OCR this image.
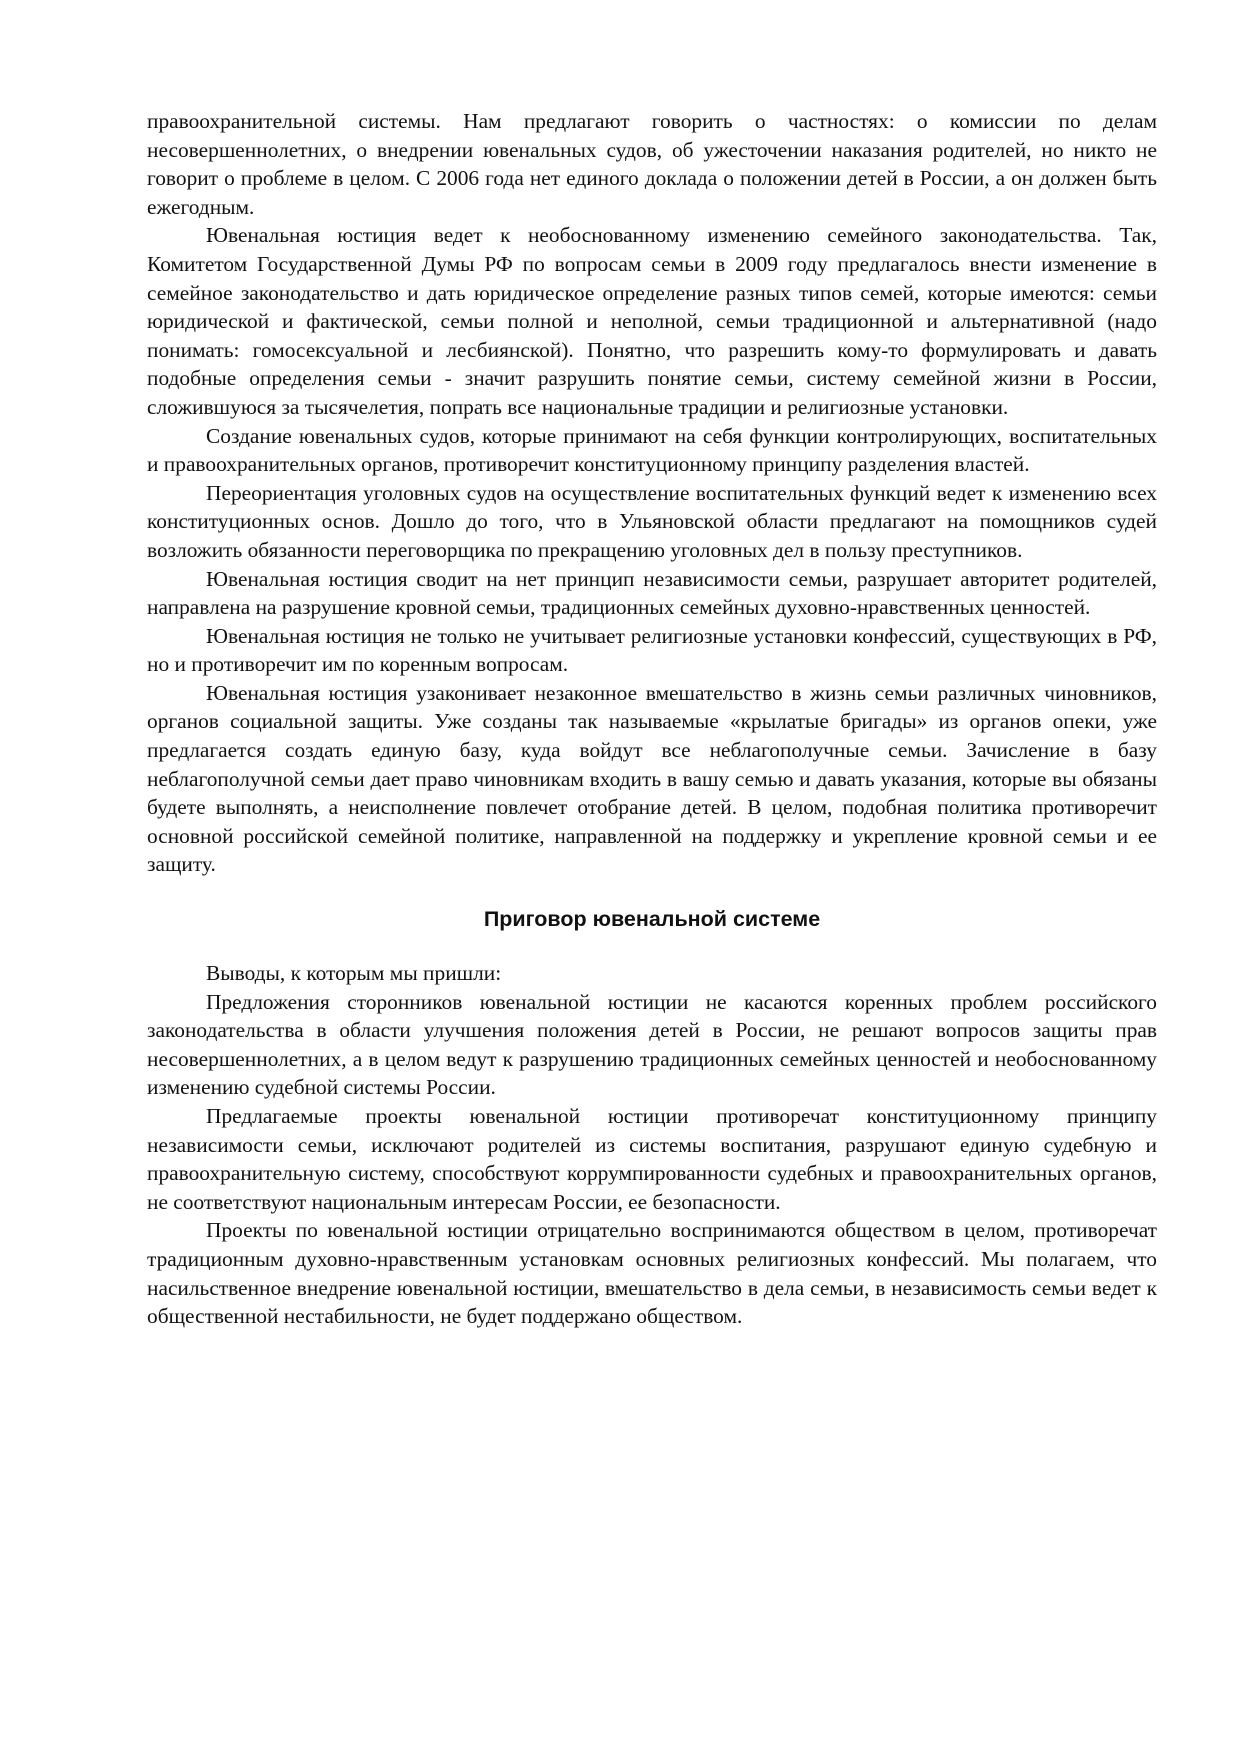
правоохранительной системы. Нам предлагают говорить о частностях: о комиссии по делам несовершеннолетних, о внедрении ювенальных судов, об ужесточении наказания родителей, но никто не говорит о проблеме в целом. С 2006 года нет единого доклада о положении детей в России, а он должен быть ежегодным.

Ювенальная юстиция ведет к необоснованному изменению семейного законодательства. Так, Комитетом Государственной Думы РФ по вопросам семьи в 2009 году предлагалось внести изменение в семейное законодательство и дать юридическое определение разных типов семей, которые имеются: семьи юридической и фактической, семьи полной и неполной, семьи традиционной и альтернативной (надо понимать: гомосексуальной и лесбиянской). Понятно, что разрешить кому-то формулировать и давать подобные определения семьи - значит разрушить понятие семьи, систему семейной жизни в России, сложившуюся за тысячелетия, попрать все национальные традиции и религиозные установки.

Создание ювенальных судов, которые принимают на себя функции контролирующих, воспитательных и правоохранительных органов, противоречит конституционному принципу разделения властей.

Переориентация уголовных судов на осуществление воспитательных функций ведет к изменению всех конституционных основ. Дошло до того, что в Ульяновской области предлагают на помощников судей возложить обязанности переговорщика по прекращению уголовных дел в пользу преступников.

Ювенальная юстиция сводит на нет принцип независимости семьи, разрушает авторитет родителей, направлена на разрушение кровной семьи, традиционных семейных духовно-нравственных ценностей.

Ювенальная юстиция не только не учитывает религиозные установки конфессий, существующих в РФ, но и противоречит им по коренным вопросам.

Ювенальная юстиция узаконивает незаконное вмешательство в жизнь семьи различных чиновников, органов социальной защиты. Уже созданы так называемые «крылатые бригады» из органов опеки, уже предлагается создать единую базу, куда войдут все неблагополучные семьи. Зачисление в базу неблагополучной семьи дает право чиновникам входить в вашу семью и давать указания, которые вы обязаны будете выполнять, а неисполнение повлечет отобрание детей. В целом, подобная политика противоречит основной российской семейной политике, направленной на поддержку и укрепление кровной семьи и ее защиту.

Приговор ювенальной системе

Выводы, к которым мы пришли:

Предложения сторонников ювенальной юстиции не касаются коренных проблем российского законодательства в области улучшения положения детей в России, не решают вопросов защиты прав несовершеннолетних, а в целом ведут к разрушению традиционных семейных ценностей и необоснованному изменению судебной системы России.

Предлагаемые проекты ювенальной юстиции противоречат конституционному принципу независимости семьи, исключают родителей из системы воспитания, разрушают единую судебную и правоохранительную систему, способствуют коррумпированности судебных и правоохранительных органов, не соответствуют национальным интересам России, ее безопасности.

Проекты по ювенальной юстиции отрицательно воспринимаются обществом в целом, противоречат традиционным духовно-нравственным установкам основных религиозных конфессий. Мы полагаем, что насильственное внедрение ювенальной юстиции, вмешательство в дела семьи, в независимость семьи ведет к общественной нестабильности, не будет поддержано обществом.
